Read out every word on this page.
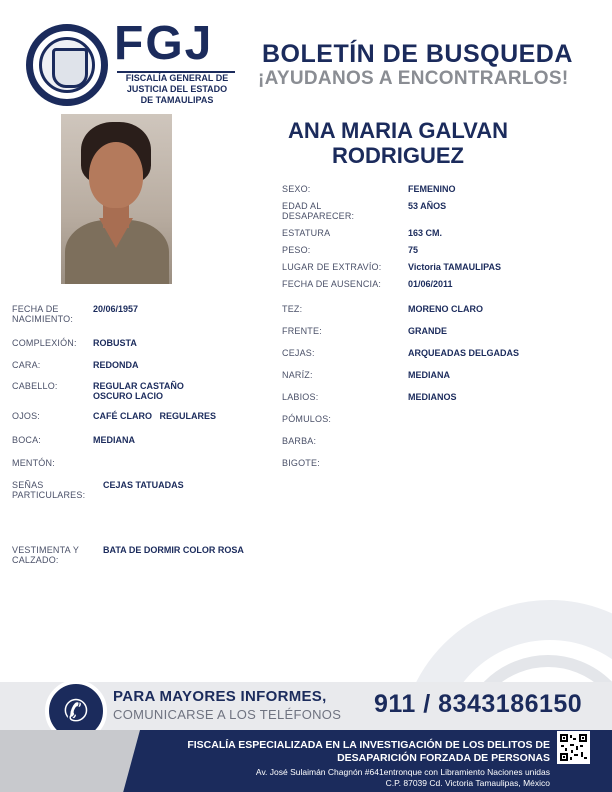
FGJ
FISCALÍA GENERAL DE
JUSTICIA DEL ESTADO
DE TAMAULIPAS
BOLETÍN DE BUSQUEDA
¡AYUDANOS A ENCONTRARLOS!
ANA MARIA GALVAN
RODRIGUEZ
SEXO:	FEMENINO
EDAD AL
DESAPARECER:
53 AÑOS
ESTATURA	163 CM.
PESO:	75
LUGAR DE EXTRAVÍO:	Victoria TAMAULIPAS
FECHA DE AUSENCIA:	01/06/2011
TEZ:	MORENO CLARO
FRENTE:	GRANDE
CEJAS:	ARQUEADAS DELGADAS
NARÍZ:	MEDIANA
LABIOS:	MEDIANOS
PÓMULOS:
BARBA:
BIGOTE:
FECHA DE
NACIMIENTO:
20/06/1957
COMPLEXIÓN:	ROBUSTA
CARA:	REDONDA
CABELLO:	REGULAR CASTAÑO
OSCURO LACIO
OJOS:	CAFÉ CLARO   REGULARES
BOCA:	MEDIANA
MENTÓN:
SEÑAS
PARTICULARES:
CEJAS TATUADAS
VESTIMENTA Y
CALZADO:
BATA DE DORMIR COLOR ROSA
✆	PARA MAYORES INFORMES,
COMUNICARSE A LOS TELÉFONOS 911 / 8343186150
FISCALÍA ESPECIALIZADA EN LA INVESTIGACIÓN DE LOS DELITOS DE
DESAPARICIÓN FORZADA DE PERSONAS
Av. José Sulaimán Chagnón #641entronque con Libramiento Naciones unidas
C.P. 87039 Cd. Victoria Tamaulipas, México
